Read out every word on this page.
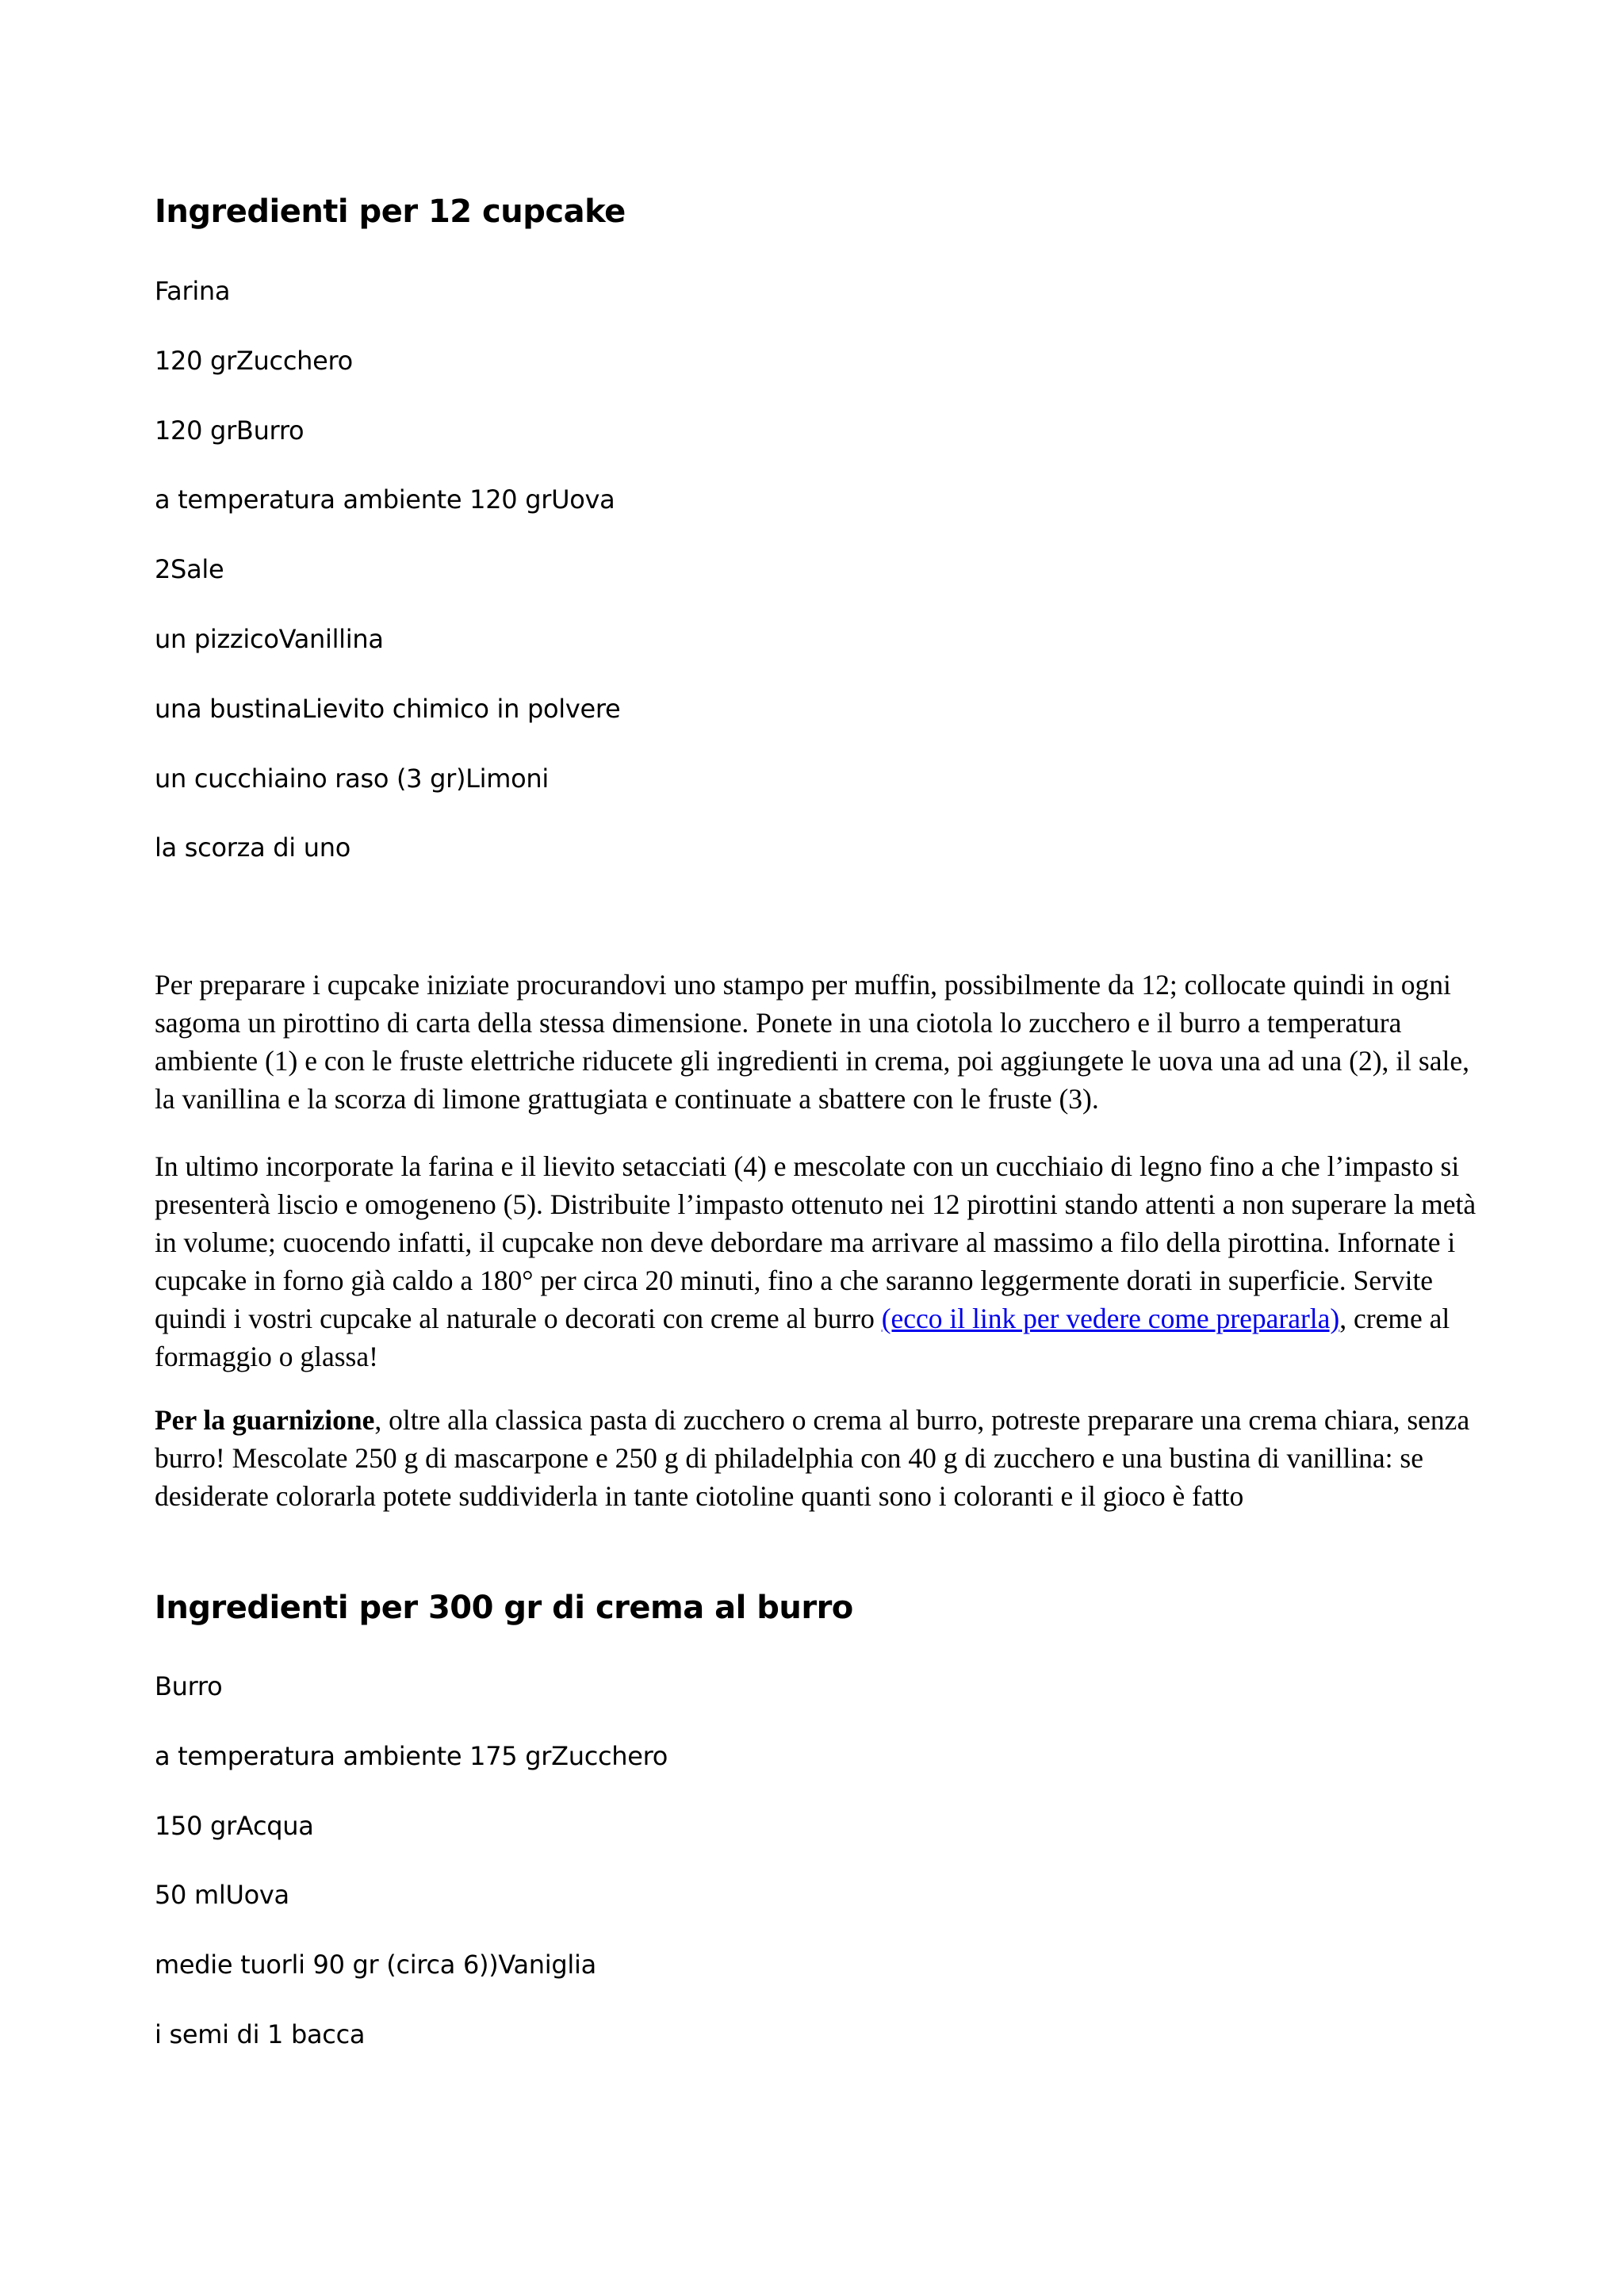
Ingredienti per 12 cupcake

Farina

120 grZucchero

120 grBurro

a temperatura ambiente 120 grUova

2Sale

un pizzicoVanillina

una bustinaLievito chimico in polvere

un cucchiaino raso (3 gr)Limoni

la scorza di uno

Per preparare i cupcake iniziate procurandovi uno stampo per muffin, possibilmente da 12; collocate quindi in ogni sagoma un pirottino di carta della stessa dimensione. Ponete in una ciotola lo zucchero e il burro a temperatura ambiente (1) e con le fruste elettriche riducete gli ingredienti in crema, poi aggiungete le uova una ad una (2), il sale, la vanillina e la scorza di limone grattugiata e continuate a sbattere con le fruste (3).

In ultimo incorporate la farina e il lievito setacciati (4) e mescolate con un cucchiaio di legno fino a che l’impasto si presenterà liscio e omogeneno (5). Distribuite l’impasto ottenuto nei 12 pirottini stando attenti a non superare la metà in volume; cuocendo infatti, il cupcake non deve debordare ma arrivare al massimo a filo della pirottina. Infornate i cupcake in forno già caldo a 180° per circa 20 minuti, fino a che saranno leggermente dorati in superficie. Servite quindi i vostri cupcake al naturale o decorati con creme al burro (ecco il link per vedere come prepararla), creme al formaggio o glassa!

Per la guarnizione, oltre alla classica pasta di zucchero o crema al burro, potreste preparare una crema chiara, senza burro! Mescolate 250 g di mascarpone e 250 g di philadelphia con 40 g di zucchero e una bustina di vanillina: se desiderate colorarla potete suddividerla in tante ciotoline quanti sono i coloranti e il gioco è fatto

Ingredienti per 300 gr di crema al burro

Burro

a temperatura ambiente 175 grZucchero

150 grAcqua

50 mlUova

medie tuorli 90 gr (circa 6))Vaniglia

i semi di 1 bacca
